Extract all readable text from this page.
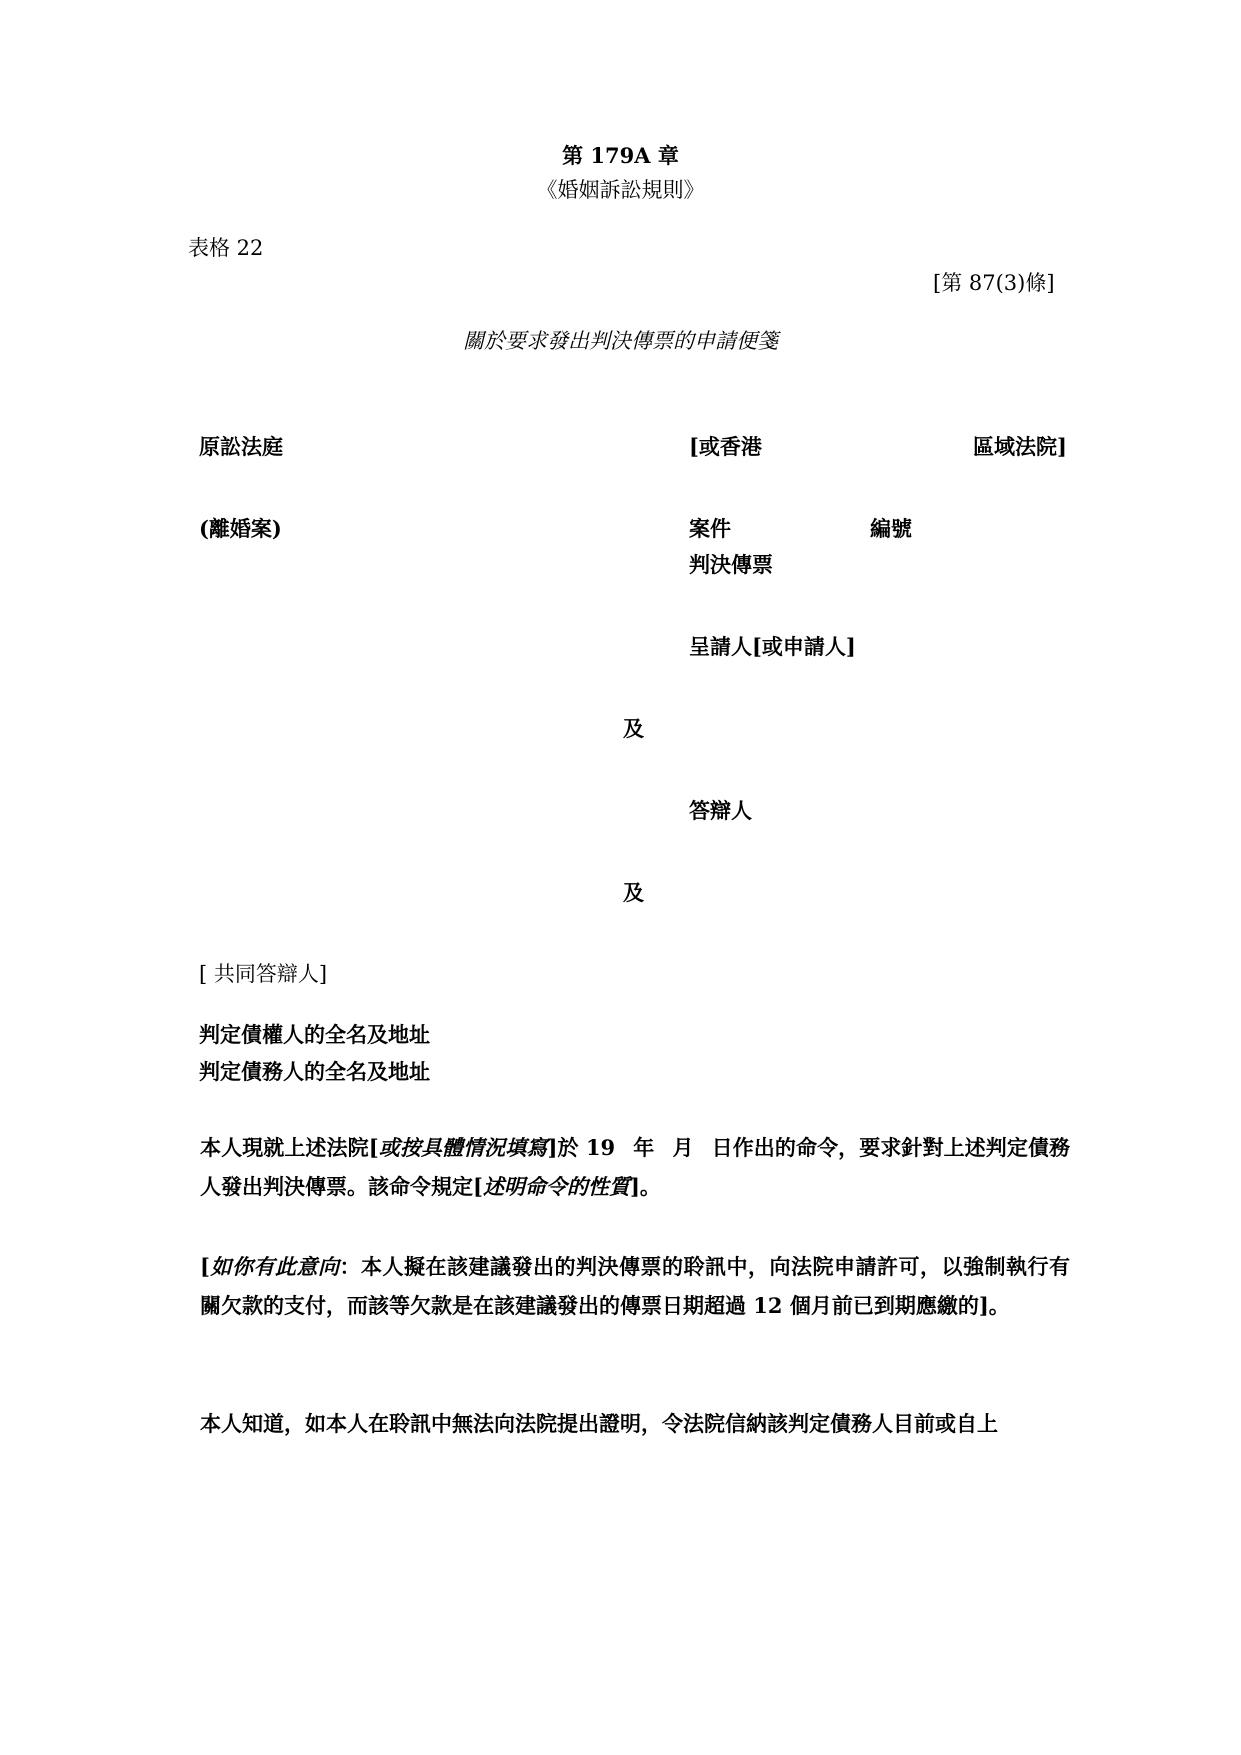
第 179A 章
《婚姻訴訟規則》
表格 22
[第 87(3)條]
關於要求發出判決傳票的申請便箋
原訟法庭	[或香港	區域法院]
(離婚案)	案件	編號
判決傳票
呈請人[或申請人]
及
答辯人
及
[ 共同答辯人]
判定債權人的全名及地址
判定債務人的全名及地址
本人現就上述法院[或按具體情況填寫]於 19 年 月 日作出的命令，要求針對上述判定債務人發出判決傳票。該命令規定[述明命令的性質]。
[如你有此意向：本人擬在該建議發出的判決傳票的聆訊中，向法院申請許可，以強制執行有關欠款的支付，而該等欠款是在該建議發出的傳票日期超過 12 個月前已到期應繳的]。
本人知道，如本人在聆訊中無法向法院提出證明，令法院信納該判定債務人目前或自上
